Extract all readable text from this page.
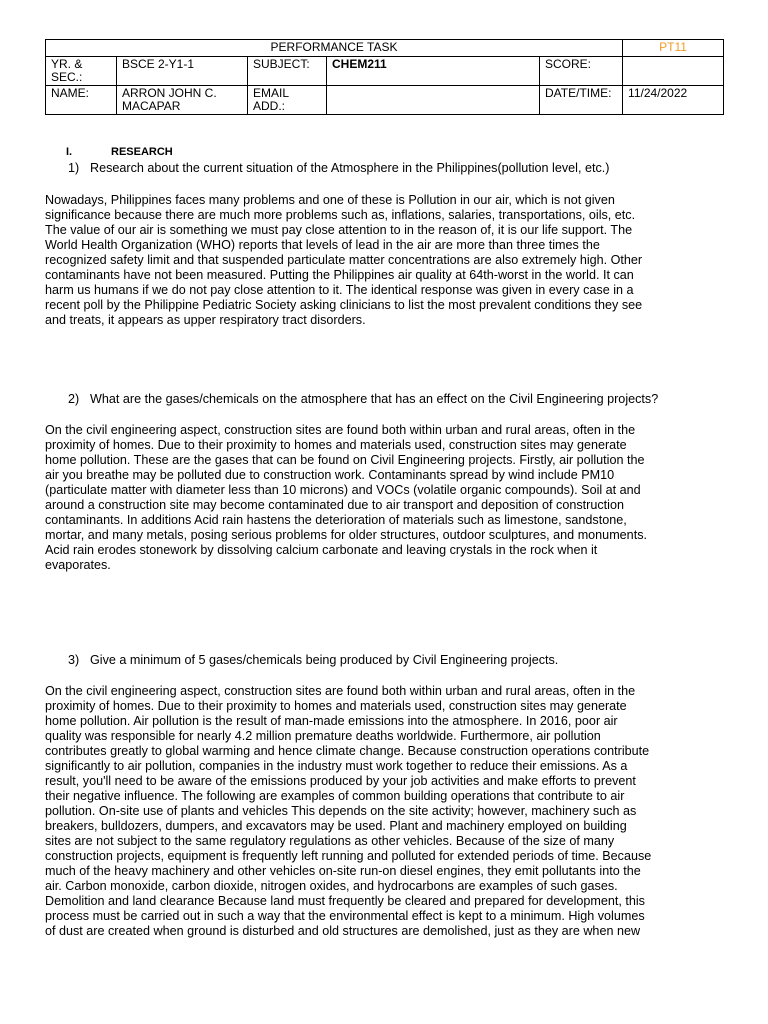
PERFORMANCE TASK					PT11
YR. & SEC.:	BSCE 2-Y1-1	SUBJECT:	CHEM211	SCORE:	
NAME:	ARRON JOHN C. MACAPAR	EMAIL ADD.:		DATE/TIME:	11/24/2022
I.	RESEARCH
1) Research about the current situation of the Atmosphere in the Philippines(pollution level, etc.)
Nowadays, Philippines faces many problems and one of these is Pollution in our air, which is not given
significance because there are much more problems such as, inflations, salaries, transportations, oils, etc.
The value of our air is something we must pay close attention to in the reason of, it is our life support. The
World Health Organization (WHO) reports that levels of lead in the air are more than three times the
recognized safety limit and that suspended particulate matter concentrations are also extremely high. Other
contaminants have not been measured. Putting the Philippines air quality at 64th-worst in the world. It can
harm us humans if we do not pay close attention to it. The identical response was given in every case in a
recent poll by the Philippine Pediatric Society asking clinicians to list the most prevalent conditions they see
and treats, it appears as upper respiratory tract disorders.
2) What are the gases/chemicals on the atmosphere that has an effect on the Civil Engineering projects?
On the civil engineering aspect, construction sites are found both within urban and rural areas, often in the
proximity of homes. Due to their proximity to homes and materials used, construction sites may generate
home pollution. These are the gases that can be found on Civil Engineering projects. Firstly, air pollution the
air you breathe may be polluted due to construction work. Contaminants spread by wind include PM10
(particulate matter with diameter less than 10 microns) and VOCs (volatile organic compounds). Soil at and
around a construction site may become contaminated due to air transport and deposition of construction
contaminants. In additions Acid rain hastens the deterioration of materials such as limestone, sandstone,
mortar, and many metals, posing serious problems for older structures, outdoor sculptures, and monuments.
Acid rain erodes stonework by dissolving calcium carbonate and leaving crystals in the rock when it
evaporates.
3) Give a minimum of 5 gases/chemicals being produced by Civil Engineering projects.
On the civil engineering aspect, construction sites are found both within urban and rural areas, often in the
proximity of homes. Due to their proximity to homes and materials used, construction sites may generate
home pollution. Air pollution is the result of man-made emissions into the atmosphere. In 2016, poor air
quality was responsible for nearly 4.2 million premature deaths worldwide. Furthermore, air pollution
contributes greatly to global warming and hence climate change. Because construction operations contribute
significantly to air pollution, companies in the industry must work together to reduce their emissions. As a
result, you'll need to be aware of the emissions produced by your job activities and make efforts to prevent
their negative influence. The following are examples of common building operations that contribute to air
pollution. On-site use of plants and vehicles This depends on the site activity; however, machinery such as
breakers, bulldozers, dumpers, and excavators may be used. Plant and machinery employed on building
sites are not subject to the same regulatory regulations as other vehicles. Because of the size of many
construction projects, equipment is frequently left running and polluted for extended periods of time. Because
much of the heavy machinery and other vehicles on-site run-on diesel engines, they emit pollutants into the
air. Carbon monoxide, carbon dioxide, nitrogen oxides, and hydrocarbons are examples of such gases.
Demolition and land clearance Because land must frequently be cleared and prepared for development, this
process must be carried out in such a way that the environmental effect is kept to a minimum. High volumes
of dust are created when ground is disturbed and old structures are demolished, just as they are when new
